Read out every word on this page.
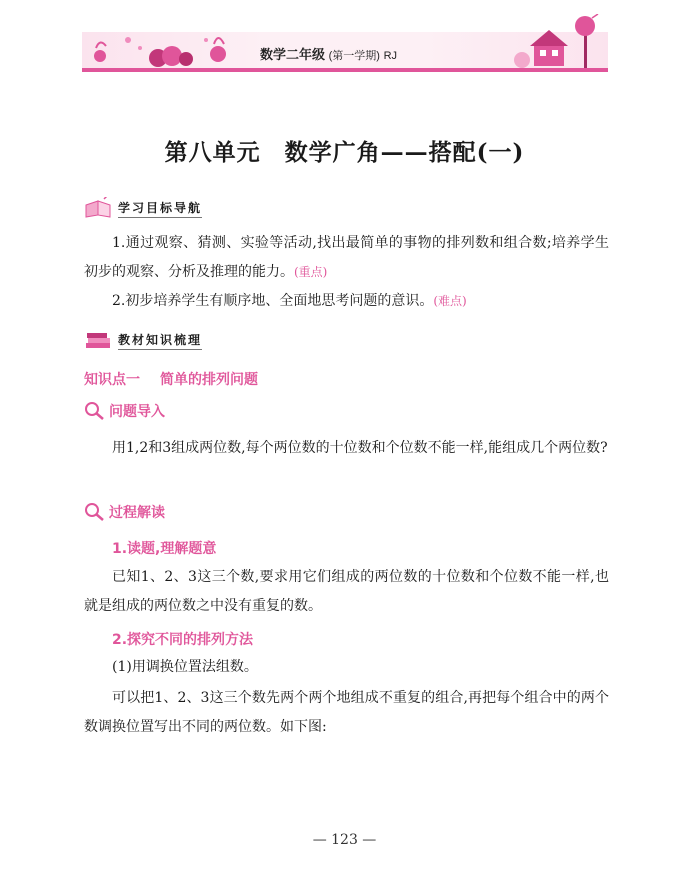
数学二年级 (第一学期) RJ
第八单元　数学广角——搭配(一)
学习目标导航
1.通过观察、猜测、实验等活动,找出最简单的事物的排列数和组合数;培养学生初步的观察、分析及推理的能力。(重点)
2.初步培养学生有顺序地、全面地思考问题的意识。(难点)
教材知识梳理
知识点一 简单的排列问题
问题导入
用1,2和3组成两位数,每个两位数的十位数和个位数不能一样,能组成几个两位数?
过程解读
1.读题,理解题意
已知1、2、3这三个数,要求用它们组成的两位数的十位数和个位数不能一样,也就是组成的两位数之中没有重复的数。
2.探究不同的排列方法
(1)用调换位置法组数。
可以把1、2、3这三个数先两个两个地组成不重复的组合,再把每个组合中的两个数调换位置写出不同的两位数。如下图:
— 123 —
